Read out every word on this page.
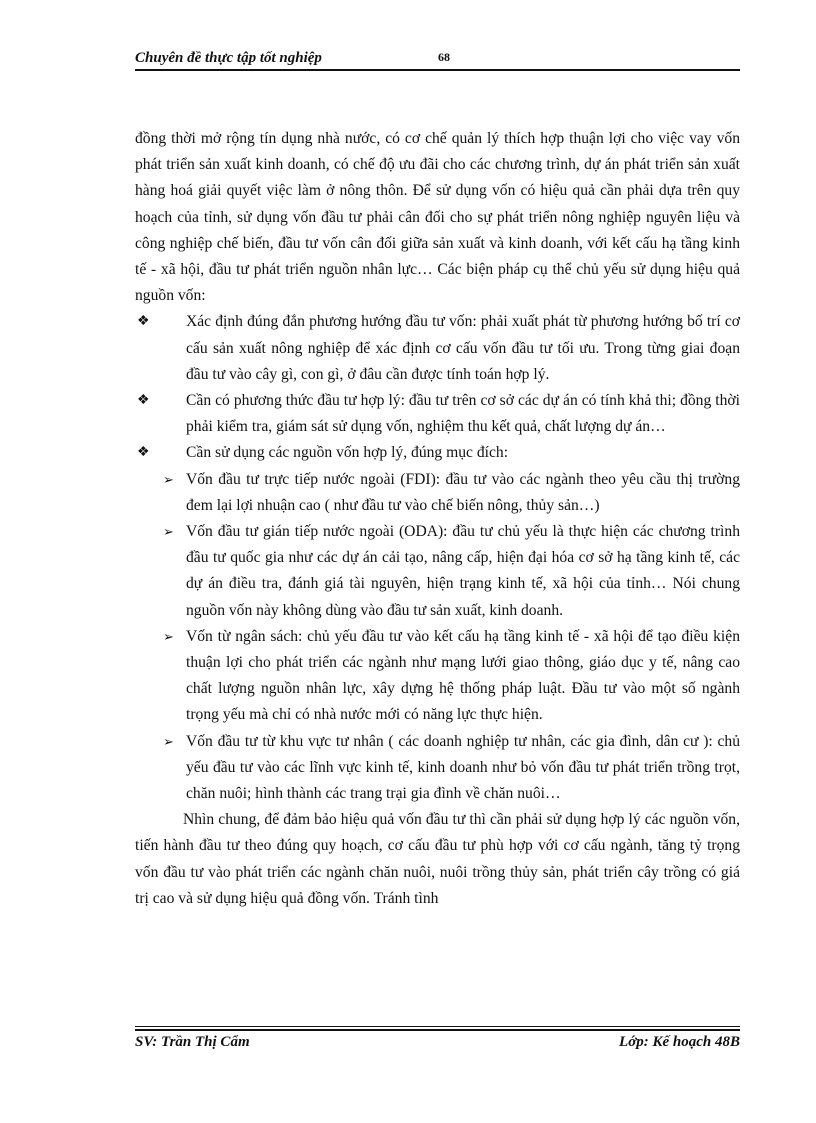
Chuyên đề thực tập tốt nghiệp	68

đồng thời mở rộng tín dụng nhà nước, có cơ chế quản lý thích hợp thuận lợi cho việc vay vốn phát triển sản xuất kinh doanh, có chế độ ưu đãi cho các chương trình, dự án phát triển sản xuất hàng hoá giải quyết việc làm ở nông thôn. Để sử dụng vốn có hiệu quả cần phải dựa trên quy hoạch của tỉnh, sử dụng vốn đầu tư phải cân đối cho sự phát triển nông nghiệp nguyên liệu và công nghiệp chế biến, đầu tư vốn cân đối giữa sản xuất và kinh doanh, với kết cấu hạ tầng kinh tế - xã hội, đầu tư phát triển nguồn nhân lực… Các biện pháp cụ thể chủ yếu sử dụng hiệu quả nguồn vốn:

❖ Xác định đúng đắn phương hướng đầu tư vốn: phải xuất phát từ phương hướng bố trí cơ cấu sản xuất nông nghiệp để xác định cơ cấu vốn đầu tư tối ưu. Trong từng giai đoạn đầu tư vào cây gì, con gì, ở đâu cần được tính toán hợp lý.
❖ Cần có phương thức đầu tư hợp lý: đầu tư trên cơ sở các dự án có tính khả thi; đồng thời phải kiểm tra, giám sát sử dụng vốn, nghiệm thu kết quả, chất lượng dự án…
❖ Cần sử dụng các nguồn vốn hợp lý, đúng mục đích:
➢ Vốn đầu tư trực tiếp nước ngoài (FDI): đầu tư vào các ngành theo yêu cầu thị trường đem lại lợi nhuận cao ( như đầu tư vào chế biến nông, thủy sản…)
➢ Vốn đầu tư gián tiếp nước ngoài (ODA): đầu tư chủ yếu là thực hiện các chương trình đầu tư quốc gia như các dự án cải tạo, nâng cấp, hiện đại hóa cơ sở hạ tầng kinh tế, các dự án điều tra, đánh giá tài nguyên, hiện trạng kinh tế, xã hội của tỉnh… Nói chung nguồn vốn này không dùng vào đầu tư sản xuất, kinh doanh.
➢ Vốn từ ngân sách: chủ yếu đầu tư vào kết cấu hạ tầng kinh tế - xã hội để tạo điều kiện thuận lợi cho phát triển các ngành như mạng lưới giao thông, giáo dục y tế, nâng cao chất lượng nguồn nhân lực, xây dựng hệ thống pháp luật. Đầu tư vào một số ngành trọng yếu mà chỉ có nhà nước mới có năng lực thực hiện.
➢ Vốn đầu tư từ khu vực tư nhân ( các doanh nghiệp tư nhân, các gia đình, dân cư ): chủ yếu đầu tư vào các lĩnh vực kinh tế, kinh doanh như bỏ vốn đầu tư phát triển trồng trọt, chăn nuôi; hình thành các trang trại gia đình về chăn nuôi…

Nhìn chung, để đảm bảo hiệu quả vốn đầu tư thì cần phải sử dụng hợp lý các nguồn vốn, tiến hành đầu tư theo đúng quy hoạch, cơ cấu đầu tư phù hợp với cơ cấu ngành, tăng tỷ trọng vốn đầu tư vào phát triển các ngành chăn nuôi, nuôi trồng thủy sản, phát triển cây trồng có giá trị cao và sử dụng hiệu quả đồng vốn. Tránh tình

SV: Trần Thị Cẩm	Lớp: Kế hoạch 48B
